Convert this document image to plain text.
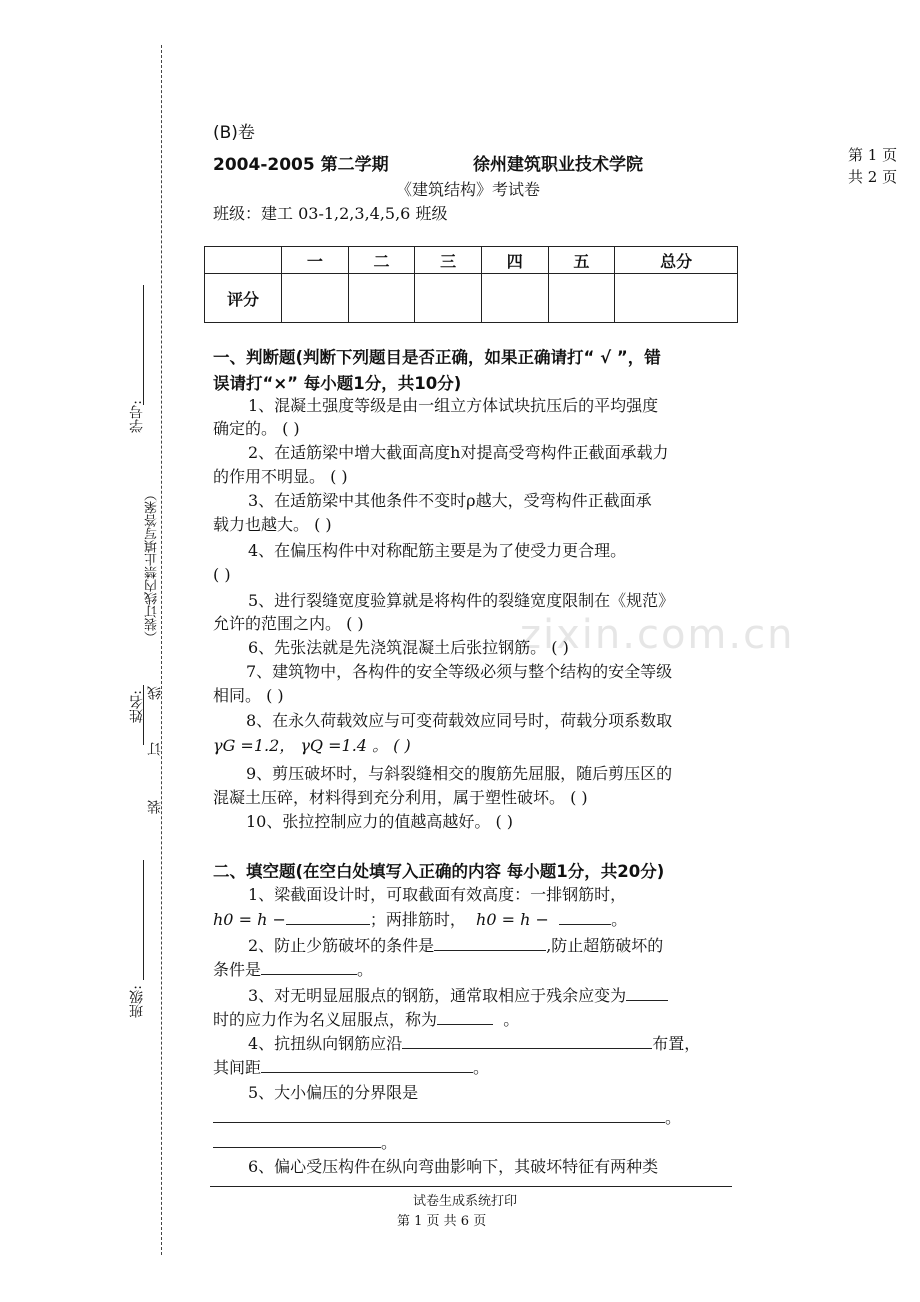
zixin.com.cn
学号:
（装订线内禁止填写答案）
姓名: 线
订
装
班级:
(B)卷
2004-2005 第二学期	徐州建筑职业技术学院	第 1 页
共 2 页
《建筑结构》考试卷
班级：建工 03-1,2,3,4,5,6 班级
	一	二	三	四	五	总分
评分						
一、判断题(判断下列题目是否正确，如果正确请打“ √ ”，错
误请打“×” 每小题1分，共10分)
1、混凝土强度等级是由一组立方体试块抗压后的平均强度
确定的。 ( )
2、在适筋梁中增大截面高度h对提高受弯构件正截面承载力
的作用不明显。 ( )
3、在适筋梁中其他条件不变时ρ越大，受弯构件正截面承
载力也越大。 ( )
4、在偏压构件中对称配筋主要是为了使受力更合理。
( )
5、进行裂缝宽度验算就是将构件的裂缝宽度限制在《规范》
允许的范围之内。 ( )
6、先张法就是先浇筑混凝土后张拉钢筋。 ( )
7、建筑物中，各构件的安全等级必须与整个结构的安全等级
相同。 ( )
8、在永久荷载效应与可变荷载效应同号时，荷载分项系数取
γG =1.2， γQ =1.4 。 ( )
9、剪压破坏时，与斜裂缝相交的腹筋先屈服，随后剪压区的
混凝土压碎，材料得到充分利用，属于塑性破坏。 ( )
10、张拉控制应力的值越高越好。 ( )
二、填空题(在空白处填写入正确的内容 每小题1分，共20分)
1、梁截面设计时，可取截面有效高度：一排钢筋时，
h0 = h −	；两排筋时， h0 = h −	。
2、防止少筋破坏的条件是	,防止超筋破坏的
条件是	。
3、对无明显屈服点的钢筋，通常取相应于残余应变为
时的应力作为名义屈服点，称为	。
4、抗扭纵向钢筋应沿	布置，
其间距	。
5、大小偏压的分界限是
。
。
6、偏心受压构件在纵向弯曲影响下，其破坏特征有两种类
试卷生成系统打印
第 1 页 共 6 页
